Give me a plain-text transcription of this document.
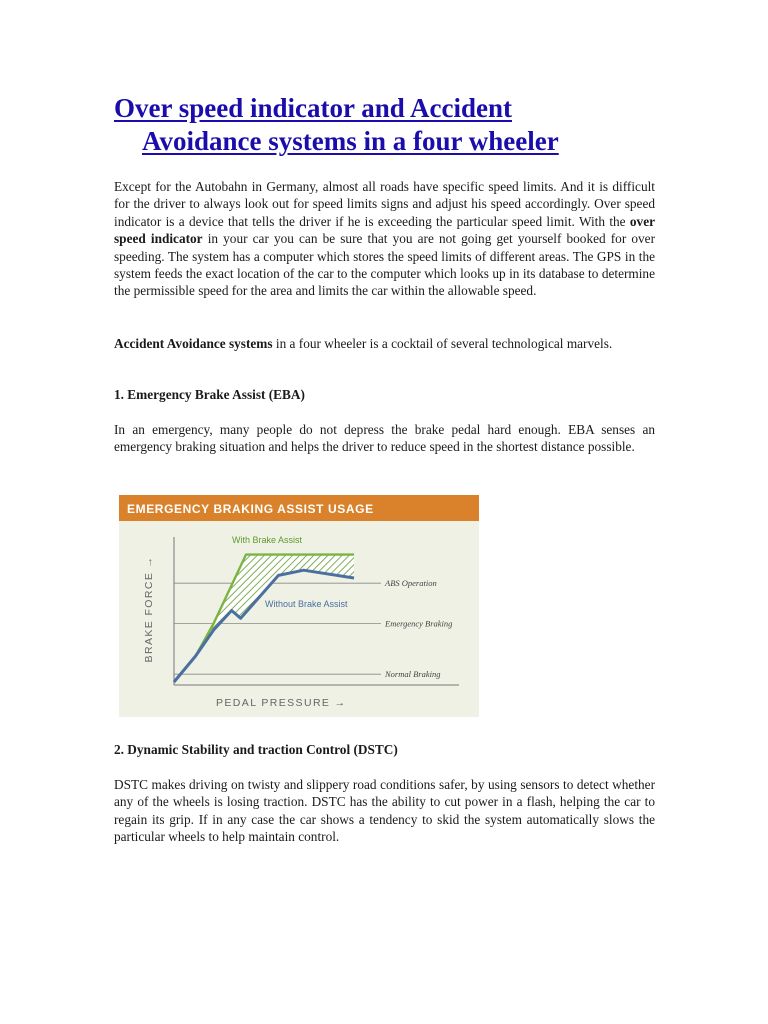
Over speed indicator and Accident
Avoidance systems in a four wheeler

Except for the Autobahn in Germany, almost all roads have specific speed limits. And it is difficult for the driver to always look out for speed limits signs and adjust his speed accordingly. Over speed indicator is a device that tells the driver if he is exceeding the particular speed limit. With the over speed indicator in your car you can be sure that you are not going get yourself booked for over speeding. The system has a computer which stores the speed limits of different areas. The GPS in the system feeds the exact location of the car to the computer which looks up in its database to determine the permissible speed for the area and limits the car within the allowable speed.

Accident Avoidance systems in a four wheeler is a cocktail of several technological marvels.

1. Emergency Brake Assist (EBA)

In an emergency, many people do not depress the brake pedal hard enough. EBA senses an emergency braking situation and helps the driver to reduce speed in the shortest distance possible.

EMERGENCY BRAKING ASSIST USAGE
ABS Operation
Emergency Braking
Normal Braking
With Brake Assist
Without Brake Assist
BRAKE FORCE →
PEDAL PRESSURE →
2. Dynamic Stability and traction Control (DSTC)

DSTC makes driving on twisty and slippery road conditions safer, by using sensors to detect whether any of the wheels is losing traction. DSTC has the ability to cut power in a flash, helping the car to regain its grip. If in any case the car shows a tendency to skid the system automatically slows the particular wheels to help maintain control.
